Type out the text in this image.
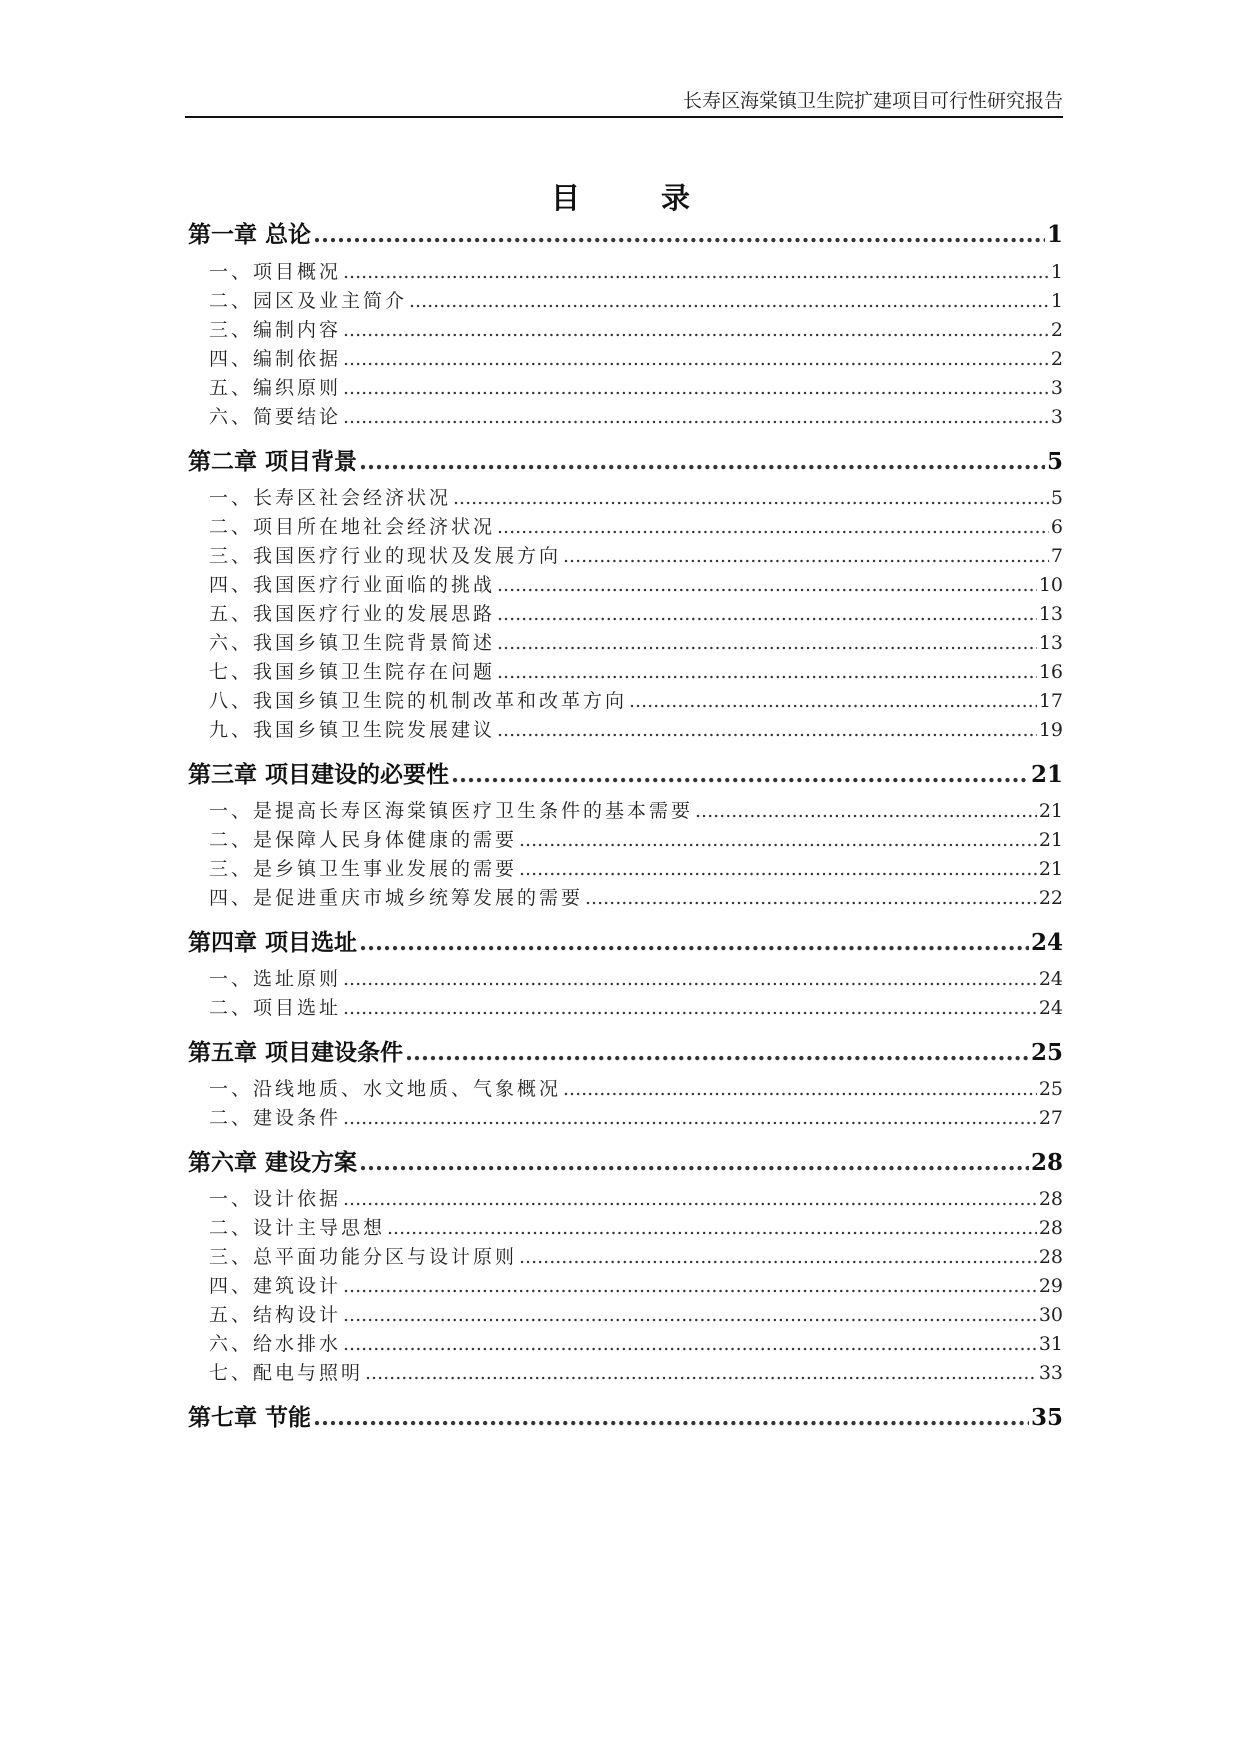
长寿区海棠镇卫生院扩建项目可行性研究报告
目　录
第一章 总论 .....	1
一、项目概况 .....	1
二、园区及业主简介 .....	1
三、编制内容 .....	2
四、编制依据 .....	2
五、编织原则 .....	3
六、简要结论 .....	3
第二章 项目背景 .....	5
一、长寿区社会经济状况 .....	5
二、项目所在地社会经济状况 .....	6
三、我国医疗行业的现状及发展方向 .....	7
四、我国医疗行业面临的挑战 .....	10
五、我国医疗行业的发展思路 .....	13
六、我国乡镇卫生院背景简述 .....	13
七、我国乡镇卫生院存在问题 .....	16
八、我国乡镇卫生院的机制改革和改革方向 .....	17
九、我国乡镇卫生院发展建议 .....	19
第三章 项目建设的必要性 .....	21
一、是提高长寿区海棠镇医疗卫生条件的基本需要 .....	21
二、是保障人民身体健康的需要 .....	21
三、是乡镇卫生事业发展的需要 .....	21
四、是促进重庆市城乡统筹发展的需要 .....	22
第四章 项目选址 .....	24
一、选址原则 .....	24
二、项目选址 .....	24
第五章 项目建设条件 .....	25
一、沿线地质、水文地质、气象概况 .....	25
二、建设条件 .....	27
第六章 建设方案 .....	28
一、设计依据 .....	28
二、设计主导思想 .....	28
三、总平面功能分区与设计原则 .....	28
四、建筑设计 .....	29
五、结构设计 .....	30
六、给水排水 .....	31
七、配电与照明 .....	33
第七章 节能 .....	35
